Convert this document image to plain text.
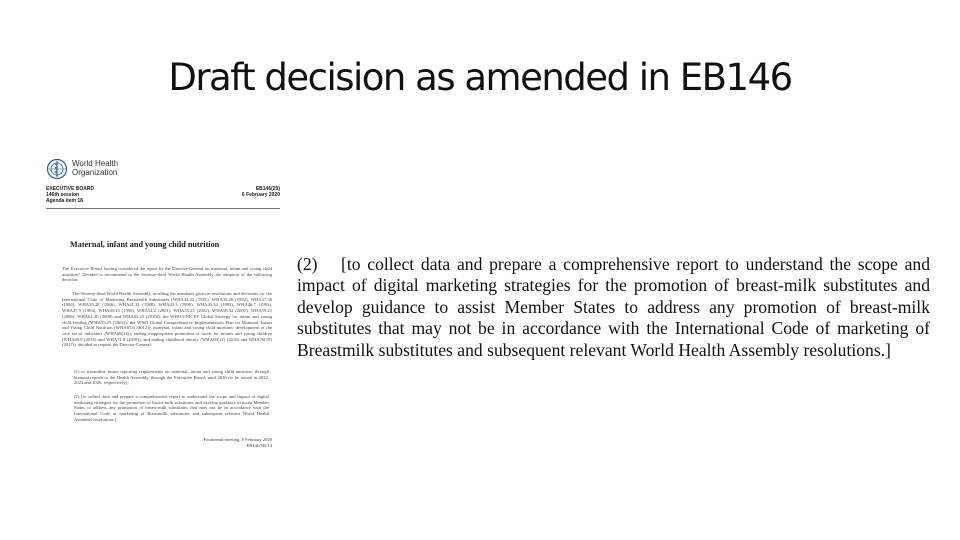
Draft decision as amended in EB146
World Health
Organization
EXECUTIVE BOARD
146th session
Agenda item 18
EB146(20)
6 February 2020
Maternal, infant and young child nutrition

The Executive Board, having considered the report by the Director-General on maternal, infant and young child nutrition,¹ Decided to recommend to the Seventy-third World Health Assembly the adoption of the following decision:

The Seventy-third World Health Assembly, recalling the mandates given in resolutions and decisions on: the International Code of Marketing Breastmilk Substitutes (WHA34.22 (1981), WHA35.26 (1982), WHA37.30 (1984), WHA39.28 (1986), WHA41.11 (1988), WHA43.3 (1990), WHA45.34 (1992), WHA46.7 (1993), WHA47.5 (1994), WHA49.15 (1996), WHA54.2 (2001), WHA55.25 (2002), WHA58.32 (2005), WHA59.21 (2006), WHA61.20 (2008) and WHA63.23 (2010)); the WHO/UNICEF Global Strategy for infant and young child feeding (WHA55.25 (2002)); the WHO Global Comprehensive Implementation Plan on Maternal, Infant and Young Child Nutrition (WHA65.6 (2012)); maternal, infant and young child nutrition: development of the core set of indicators (WHA68(14)); ending inappropriate promotion of foods for infants and young children (WHA69.9 (2016) and WHA71.9 (2018)), and ending childhood obesity (WHA69(12) (2016) and WHA70(19) (2017)), decided to request the Director-General:

(1) to streamline future reporting requirements on maternal, infant and young child nutrition, through biennial reports to the Health Assembly, through the Executive Board, until 2030 (to be issued in 2022, 2024 and 2026, respectively);

(2) [to collect data and prepare a comprehensive report to understand the scope and impact of digital marketing strategies for the promotion of breast-milk substitutes and develop guidance to assist Member States to address any promotion of breast-milk substitutes that may not be in accordance with the International Code of marketing of Breastmilk substitutes and subsequent relevant World Health Assembly resolutions.]

Fourteenth meeting, 8 February 2020
EB146/SR/14
(2) [to collect data and prepare a comprehensive report to understand the scope and impact of digital marketing strategies for the promotion of breast-milk substitutes and develop guidance to assist Member States to address any promotion of breast-milk substitutes that may not be in accordance with the International Code of marketing of Breastmilk substitutes and subsequent relevant World Health Assembly resolutions.]
